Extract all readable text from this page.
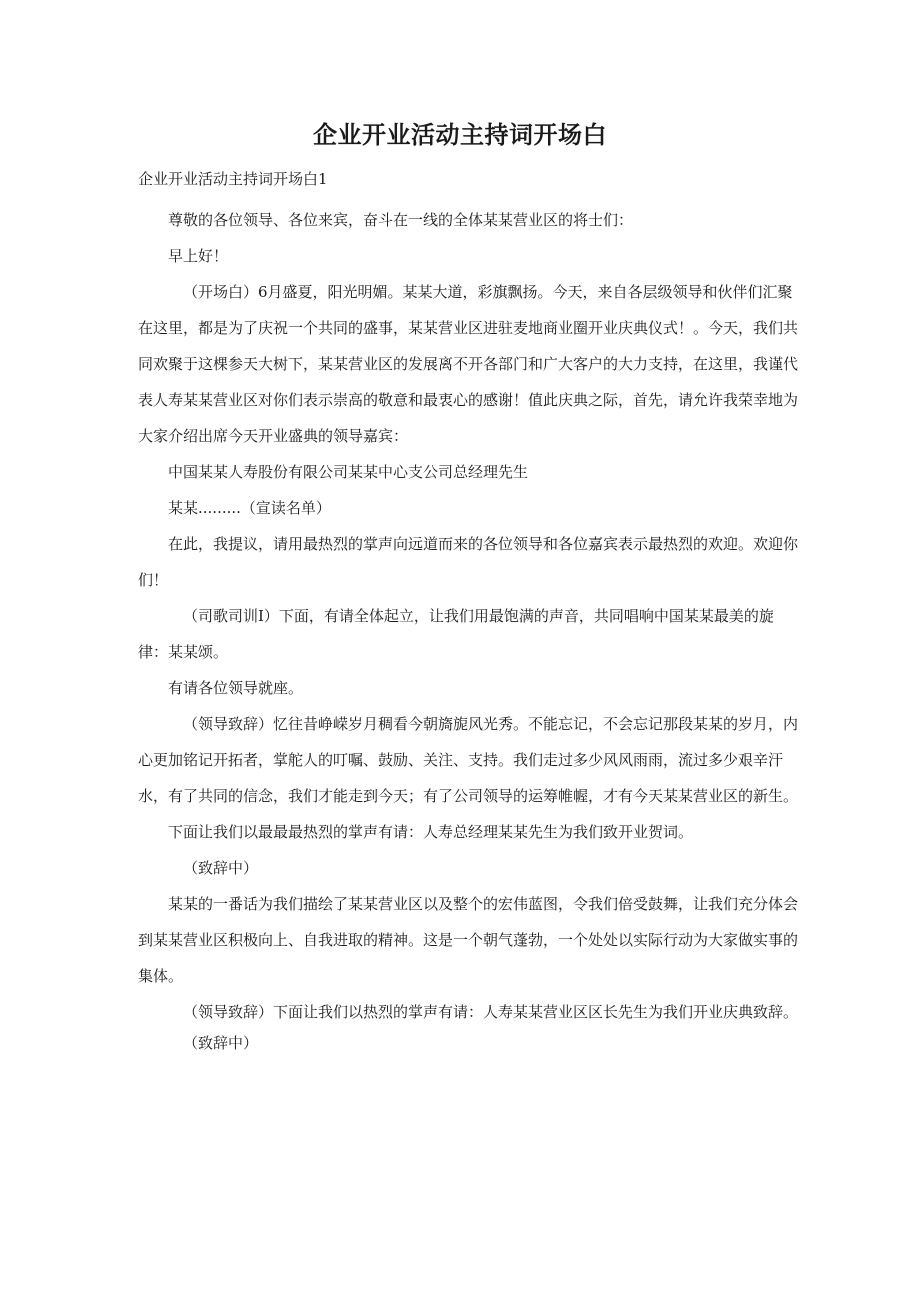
企业开业活动主持词开场白
企业开业活动主持词开场白1

尊敬的各位领导、各位来宾，奋斗在一线的全体某某营业区的将士们：

早上好！

（开场白）6月盛夏，阳光明媚。某某大道，彩旗飘扬。今天，来自各层级领导和伙伴们汇聚在这里，都是为了庆祝一个共同的盛事，某某营业区进驻麦地商业圈开业庆典仪式！。今天，我们共同欢聚于这棵参天大树下，某某营业区的发展离不开各部门和广大客户的大力支持，在这里，我谨代表人寿某某营业区对你们表示崇高的敬意和最衷心的感谢！值此庆典之际，首先，请允许我荣幸地为大家介绍出席今天开业盛典的领导嘉宾：

中国某某人寿股份有限公司某某中心支公司总经理先生

某某.........（宣读名单）

在此，我提议，请用最热烈的掌声向远道而来的各位领导和各位嘉宾表示最热烈的欢迎。欢迎你们！

（司歌司训I）下面，有请全体起立，让我们用最饱满的声音，共同唱响中国某某最美的旋律：某某颂。

有请各位领导就座。

（领导致辞）忆往昔峥嵘岁月稠看今朝旖旎风光秀。不能忘记，不会忘记那段某某的岁月，内心更加铭记开拓者，掌舵人的叮嘱、鼓励、关注、支持。我们走过多少风风雨雨，流过多少艰辛汗水，有了共同的信念，我们才能走到今天；有了公司领导的运筹帷幄，才有今天某某营业区的新生。

下面让我们以最最最热烈的掌声有请：人寿总经理某某先生为我们致开业贺词。

（致辞中）

某某的一番话为我们描绘了某某营业区以及整个的宏伟蓝图，令我们倍受鼓舞，让我们充分体会到某某营业区积极向上、自我进取的精神。这是一个朝气蓬勃，一个处处以实际行动为大家做实事的集体。

（领导致辞）下面让我们以热烈的掌声有请：人寿某某营业区区长先生为我们开业庆典致辞。

（致辞中）
